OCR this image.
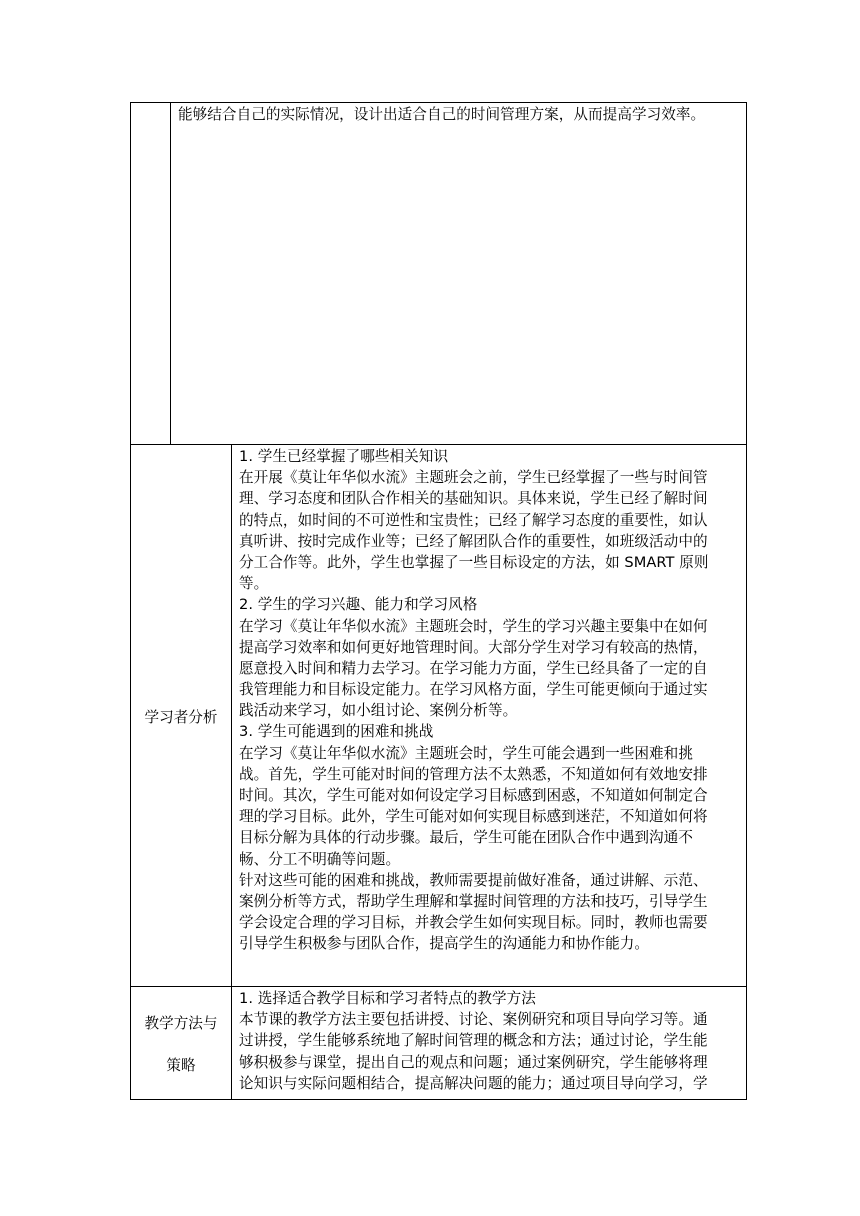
能够结合自己的实际情况，设计出适合自己的时间管理方案，从而提高学习效率。
学习者分析
1. 学生已经掌握了哪些相关知识
在开展《莫让年华似水流》主题班会之前，学生已经掌握了一些与时间管
理、学习态度和团队合作相关的基础知识。具体来说，学生已经了解时间
的特点，如时间的不可逆性和宝贵性；已经了解学习态度的重要性，如认
真听讲、按时完成作业等；已经了解团队合作的重要性，如班级活动中的
分工合作等。此外，学生也掌握了一些目标设定的方法，如 SMART 原则
等。
2. 学生的学习兴趣、能力和学习风格
在学习《莫让年华似水流》主题班会时，学生的学习兴趣主要集中在如何
提高学习效率和如何更好地管理时间。大部分学生对学习有较高的热情，
愿意投入时间和精力去学习。在学习能力方面，学生已经具备了一定的自
我管理能力和目标设定能力。在学习风格方面，学生可能更倾向于通过实
践活动来学习，如小组讨论、案例分析等。
3. 学生可能遇到的困难和挑战
在学习《莫让年华似水流》主题班会时，学生可能会遇到一些困难和挑
战。首先，学生可能对时间的管理方法不太熟悉，不知道如何有效地安排
时间。其次，学生可能对如何设定学习目标感到困惑，不知道如何制定合
理的学习目标。此外，学生可能对如何实现目标感到迷茫，不知道如何将
目标分解为具体的行动步骤。最后，学生可能在团队合作中遇到沟通不
畅、分工不明确等问题。
针对这些可能的困难和挑战，教师需要提前做好准备，通过讲解、示范、
案例分析等方式，帮助学生理解和掌握时间管理的方法和技巧，引导学生
学会设定合理的学习目标，并教会学生如何实现目标。同时，教师也需要
引导学生积极参与团队合作，提高学生的沟通能力和协作能力。
教学方法与
策略
1. 选择适合教学目标和学习者特点的教学方法
本节课的教学方法主要包括讲授、讨论、案例研究和项目导向学习等。通
过讲授，学生能够系统地了解时间管理的概念和方法；通过讨论，学生能
够积极参与课堂，提出自己的观点和问题；通过案例研究，学生能够将理
论知识与实际问题相结合，提高解决问题的能力；通过项目导向学习，学
